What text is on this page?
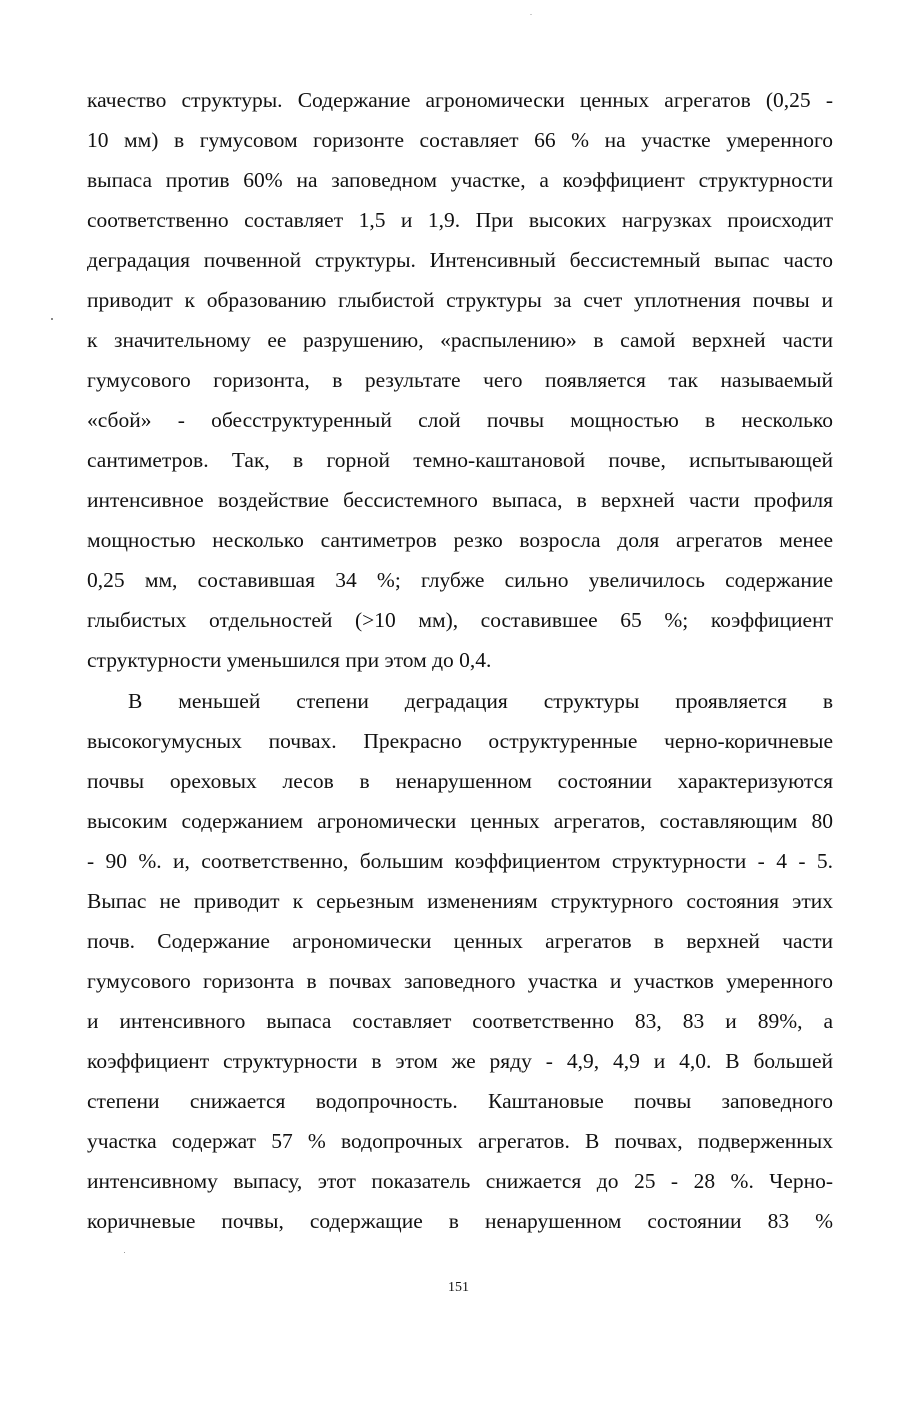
качество структуры. Содержание агрономически ценных агрегатов (0,25 -
10 мм) в гумусовом горизонте составляет 66 % на участке умеренного
выпаса против 60% на заповедном участке, а коэффициент структурности
соответственно составляет 1,5 и 1,9. При высоких нагрузках происходит
деградация почвенной структуры. Интенсивный бессистемный выпас часто
приводит к образованию глыбистой структуры за счет уплотнения почвы и
к значительному ее разрушению, «распылению» в самой верхней части
гумусового горизонта, в результате чего появляется так называемый
«сбой» - обесструктуренный слой почвы мощностью в несколько
сантиметров. Так, в горной темно-каштановой почве, испытывающей
интенсивное воздействие бессистемного выпаса, в верхней части профиля
мощностью несколько сантиметров резко возросла доля агрегатов менее
0,25 мм, составившая 34 %; глубже сильно увеличилось содержание
глыбистых отдельностей (>10 мм), составившее 65 %; коэффициент
структурности уменьшился при этом до 0,4.
В меньшей степени деградация структуры проявляется в
высокогумусных почвах. Прекрасно оструктуренные черно-коричневые
почвы ореховых лесов в ненарушенном состоянии характеризуются
высоким содержанием агрономически ценных агрегатов, составляющим 80
- 90 %. и, соответственно, большим коэффициентом структурности - 4 - 5.
Выпас не приводит к серьезным изменениям структурного состояния этих
почв. Содержание агрономически ценных агрегатов в верхней части
гумусового горизонта в почвах заповедного участка и участков умеренного
и интенсивного выпаса составляет соответственно 83, 83 и 89%, а
коэффициент структурности в этом же ряду - 4,9, 4,9 и 4,0. В большей
степени снижается водопрочность. Каштановые почвы заповедного
участка содержат 57 % водопрочных агрегатов. В почвах, подверженных
интенсивному выпасу, этот показатель снижается до 25 - 28 %. Черно-
коричневые почвы, содержащие в ненарушенном состоянии 83 %
151
